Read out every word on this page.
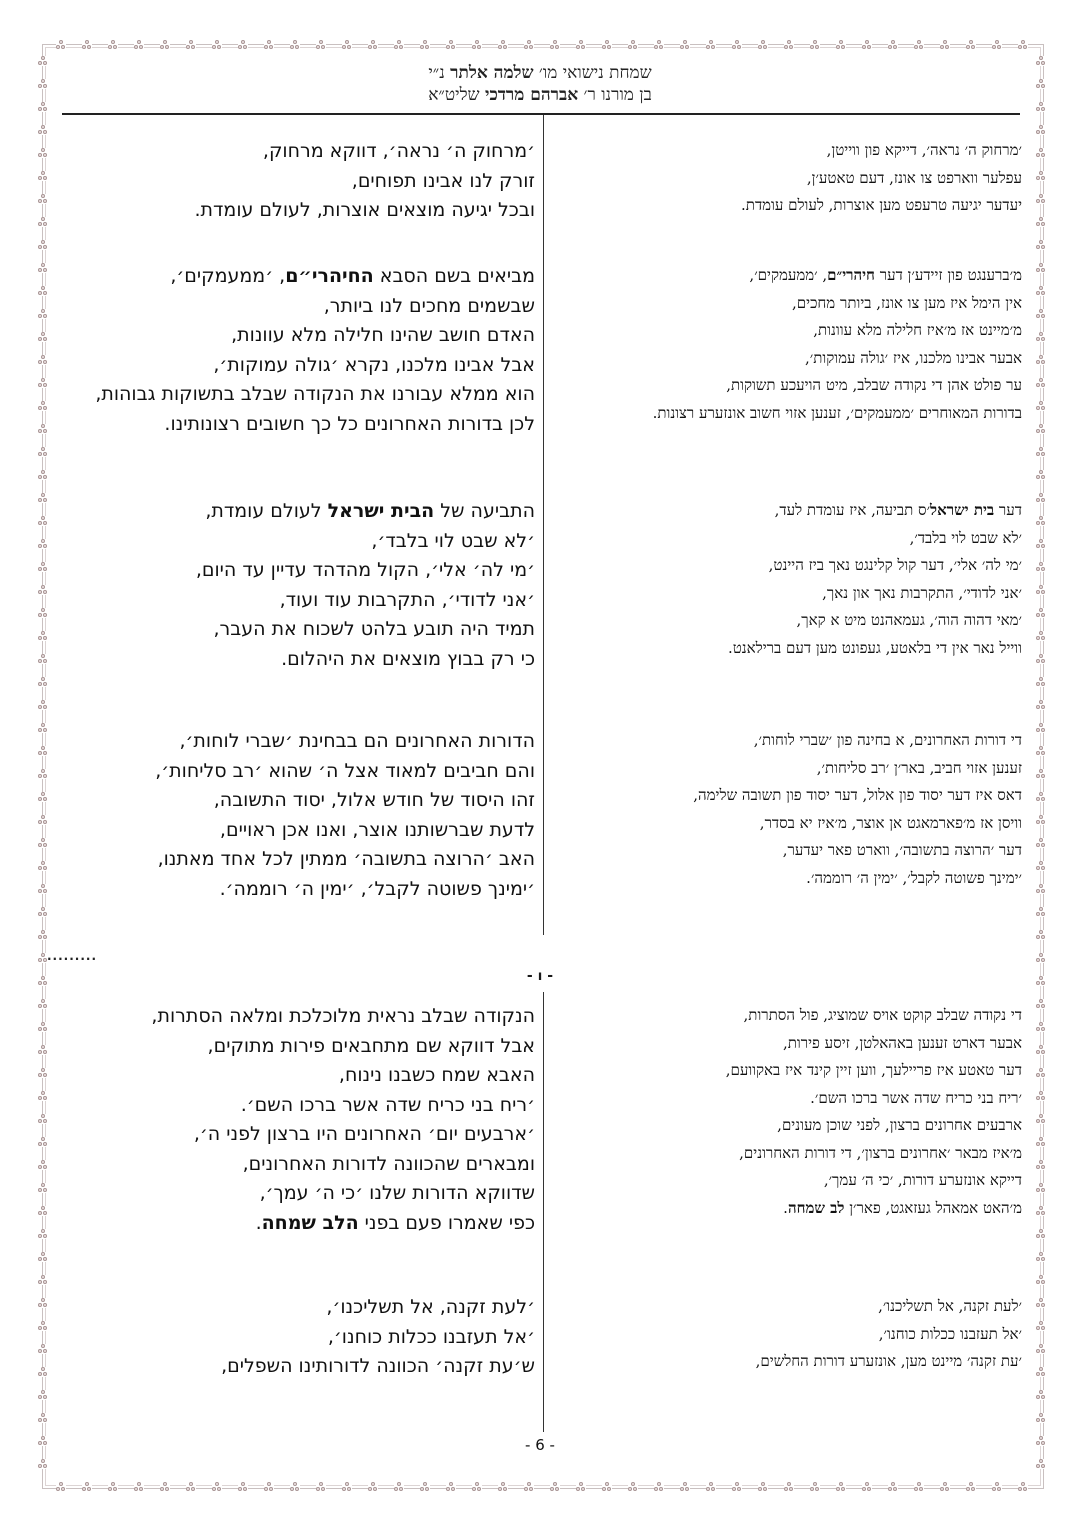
שמחת נישואי מו׳ שלמה אלתר נ״י
בן מורנו ר׳ אברהם מרדכי שליט״א
׳מרחוק ה׳ נראה׳, דווקא מרחוק,
זורק לנו אבינו תפוחים,
ובכל יגיעה מוצאים אוצרות, לעולם עומדת.
מביאים בשם הסבא החיהרי״ם, ׳ממעמקים׳,
שבשמים מחכים לנו ביותר,
האדם חושב שהינו חלילה מלא עוונות,
אבל אבינו מלכנו, נקרא ׳גולה עמוקות׳,
הוא ממלא עבורנו את הנקודה שבלב בתשוקות גבוהות,
לכן בדורות האחרונים כל כך חשובים רצונותינו.
התביעה של הבית ישראל לעולם עומדת,
׳לא שבט לוי בלבד׳,
׳מי לה׳ אלי׳, הקול מהדהד עדיין עד היום,
׳אני לדודי׳, התקרבות עוד ועוד,
תמיד היה תובע בלהט לשכוח את העבר,
כי רק בבוץ מוצאים את היהלום.
הדורות האחרונים הם בבחינת ׳שברי לוחות׳,
והם חביבים למאוד אצל ה׳ שהוא ׳רב סליחות׳,
זהו היסוד של חודש אלול, יסוד התשובה,
לדעת שברשותנו אוצר, ואנו אכן ראויים,
האב ׳הרוצה בתשובה׳ ממתין לכל אחד מאתנו,
׳ימינך פשוטה לקבל׳, ׳ימין ה׳ רוממה׳.
׳מרחוק ה׳ נראה׳, דייקא פון ווייטן,
עפלער ווארפט צו אונז, דעם טאטע׳ן,
יעדער יגיעה טרעפט מען אוצרות, לעולם עומדת.
מ׳ברענגט פון זיידע׳ן דער חיהרי״ם, ׳ממעמקים׳,
אין הימל איז מען צו אונז, ביותר מחכים,
מ׳מיינט אז מ׳איז חלילה מלא עוונות,
אבער אבינו מלכנו, איז ׳גולה עמוקות׳,
ער פולט אהן די נקודה שבלב, מיט הויעכע תשוקות,
בדורות המאוחרים ׳ממעמקים׳, זענען אזוי חשוב אונזערע רצונות.
דער בית ישראל׳ס תביעה, איז עומדת לעד,
׳לא שבט לוי בלבד׳,
׳מי לה׳ אלי׳, דער קול קלינגט נאך ביז היינט,
׳אני לדודי׳, התקרבות נאך און נאך,
׳מאי דהוה הוה׳, געמאהנט מיט א קאך,
ווייל נאר אין די בלאטע, געפונט מען דעם ברילאנט.
די דורות האחרונים, א בחינה פון ׳שברי לוחות׳,
זענען אזוי חביב, באר׳ן ׳רב סליחות׳,
דאס איז דער יסוד פון אלול, דער יסוד פון תשובה שלימה,
וויסן אז מ׳פארמאגט אן אוצר, מ׳איז יא בסדר,
דער ׳הרוצה בתשובה׳, ווארט פאר יעדער,
׳ימינך פשוטה לקבל׳, ׳ימין ה׳ רוממה׳.
.........
- ו -
הנקודה שבלב נראית מלוכלכת ומלאה הסתרות,
אבל דווקא שם מתחבאים פירות מתוקים,
האבא שמח כשבנו נינוח,
׳ריח בני כריח שדה אשר ברכו השם׳.
׳ארבעים יום׳ האחרונים היו ברצון לפני ה׳,
ומבארים שהכוונה לדורות האחרונים,
שדווקא הדורות שלנו ׳כי ה׳ עמך׳,
כפי שאמרו פעם בפני הלב שמחה.
׳לעת זקנה, אל תשליכנו׳,
׳אל תעזבנו ככלות כוחנו׳,
ש׳עת זקנה׳ הכוונה לדורותינו השפלים,
די נקודה שבלב קוקט אויס שמוציג, פול הסתרות,
אבער דארט זענען באהאלטן, זיסע פירות,
דער טאטע איז פריילעך, ווען זיין קינד איז באקוועם,
׳ריח בני כריח שדה אשר ברכו השם׳.
ארבעים אחרונים ברצון, לפני שוכן מעונים,
מ׳איז מבאר ׳אחרונים ברצון׳, די דורות האחרונים,
דייקא אונזערע דורות, ׳כי ה׳ עמך׳,
מ׳האט אמאהל געזאגט, פאר׳ן לב שמחה.
׳לעת זקנה, אל תשליכנו׳,
׳אל תעזבנו ככלות כוחנו׳,
׳עת זקנה׳ מיינט מען, אונזערע דורות החלשים,
- 6 -
